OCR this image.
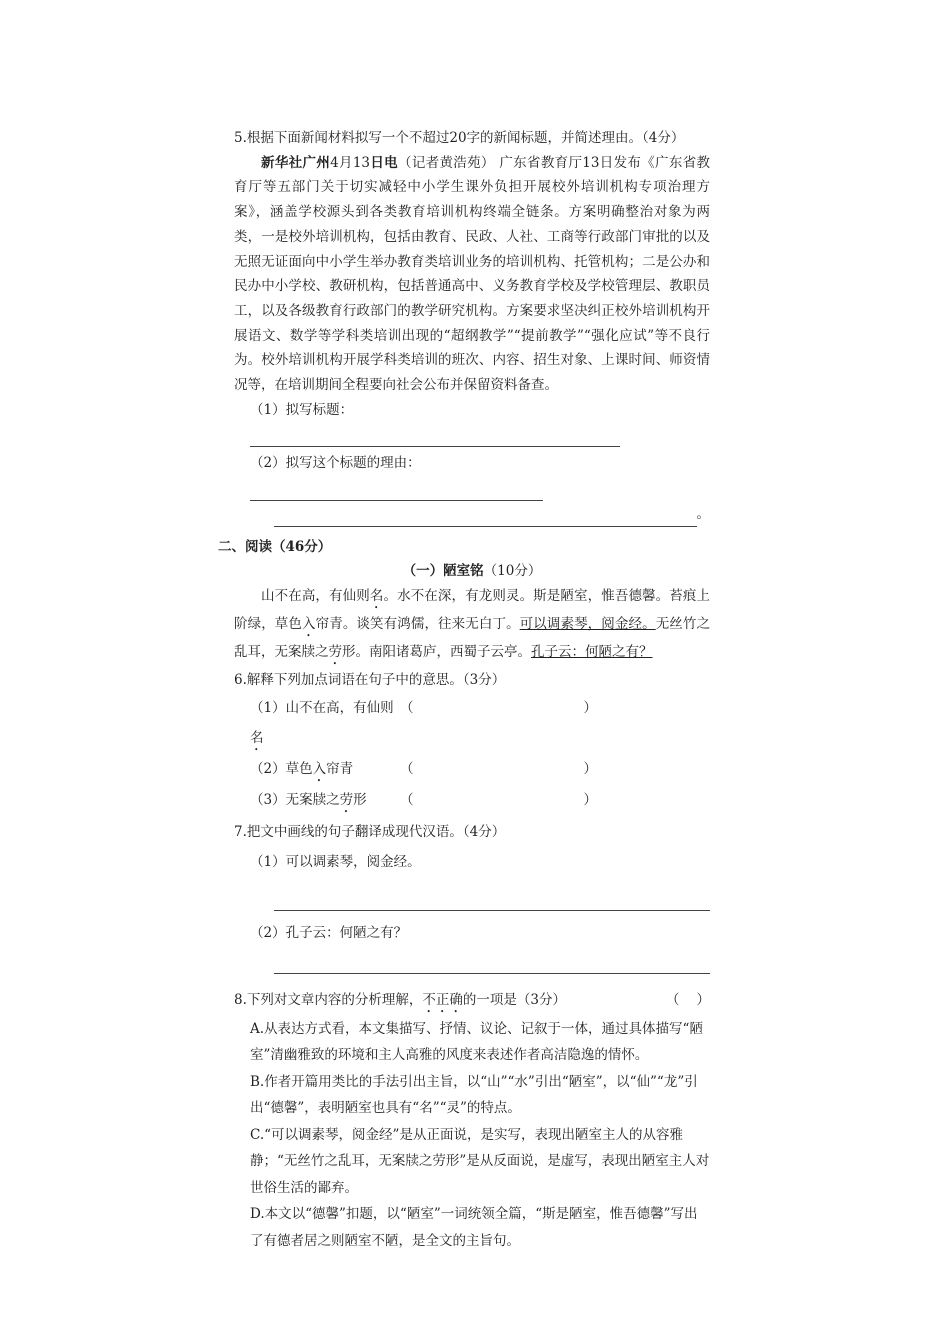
5.根据下面新闻材料拟写一个不超过20字的新闻标题，并简述理由。（4分）
新华社广州4月13日电（记者黄浩苑） 广东省教育厅13日发布《广东省教育厅等五部门关于切实减轻中小学生课外负担开展校外培训机构专项治理方案》，涵盖学校源头到各类教育培训机构终端全链条。方案明确整治对象为两类，一是校外培训机构，包括由教育、民政、人社、工商等行政部门审批的以及无照无证面向中小学生举办教育类培训业务的培训机构、托管机构；二是公办和民办中小学校、教研机构，包括普通高中、义务教育学校及学校管理层、教职员工，以及各级教育行政部门的教学研究机构。方案要求坚决纠正校外培训机构开展语文、数学等学科类培训出现的“超纲教学”“提前教学”“强化应试”等不良行为。校外培训机构开展学科类培训的班次、内容、招生对象、上课时间、师资情况等，在培训期间全程要向社会公布并保留资料备查。
（1）拟写标题：
（2）拟写这个标题的理由：
。
二、阅读（46分）
（一）陋室铭（10分）
山不在高，有仙则名。水不在深，有龙则灵。斯是陋室，惟吾德馨。苔痕上阶绿，草色入帘青。谈笑有鸿儒，往来无白丁。可以调素琴，阅金经。无丝竹之乱耳，无案牍之劳形。南阳诸葛庐，西蜀子云亭。孔子云：何陋之有？
6.解释下列加点词语在句子中的意思。（3分）
（1）山不在高，有仙则名
（	）
（2）草色入帘青	（	）
（3）无案牍之劳形	（	）
7.把文中画线的句子翻译成现代汉语。（4分）
（1）可以调素琴，阅金经。
（2）孔子云：何陋之有？
8.下列对文章内容的分析理解，不正确的一项是（3分）	（    ）
A.从表达方式看，本文集描写、抒情、议论、记叙于一体，通过具体描写“陋室”清幽雅致的环境和主人高雅的风度来表述作者高洁隐逸的情怀。
B.作者开篇用类比的手法引出主旨，以“山”“水”引出“陋室”，以“仙”“龙”引出“德馨”，表明陋室也具有“名”“灵”的特点。
C.“可以调素琴，阅金经”是从正面说，是实写，表现出陋室主人的从容雅静；“无丝竹之乱耳，无案牍之劳形”是从反面说，是虚写，表现出陋室主人对世俗生活的鄙弃。
D.本文以“德馨”扣题，以“陋室”一词统领全篇，“斯是陋室，惟吾德馨”写出了有德者居之则陋室不陋，是全文的主旨句。
